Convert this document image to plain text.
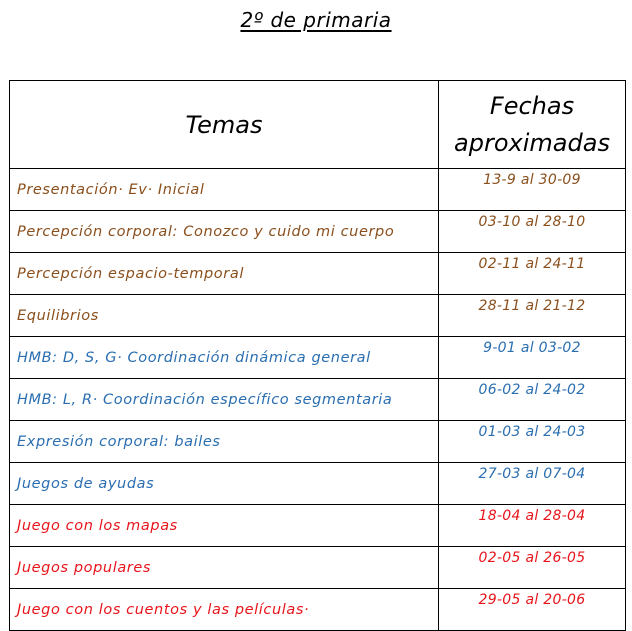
2º de primaria
Temas	Fechas
aproximadas

Presentación· Ev· Inicial	13-9 al 30-09
Percepción corporal: Conozco y cuido mi cuerpo	03-10 al 28-10
Percepción espacio-temporal	02-11 al 24-11
Equilibrios	28-11 al 21-12
HMB: D, S, G· Coordinación dinámica general	9-01 al 03-02
HMB: L, R· Coordinación específico segmentaria	06-02 al 24-02
Expresión corporal: bailes	01-03 al 24-03
Juegos de ayudas	27-03 al 07-04
Juego con los mapas	18-04 al 28-04
Juegos populares	02-05 al 26-05
Juego con los cuentos y las películas·	29-05 al 20-06
